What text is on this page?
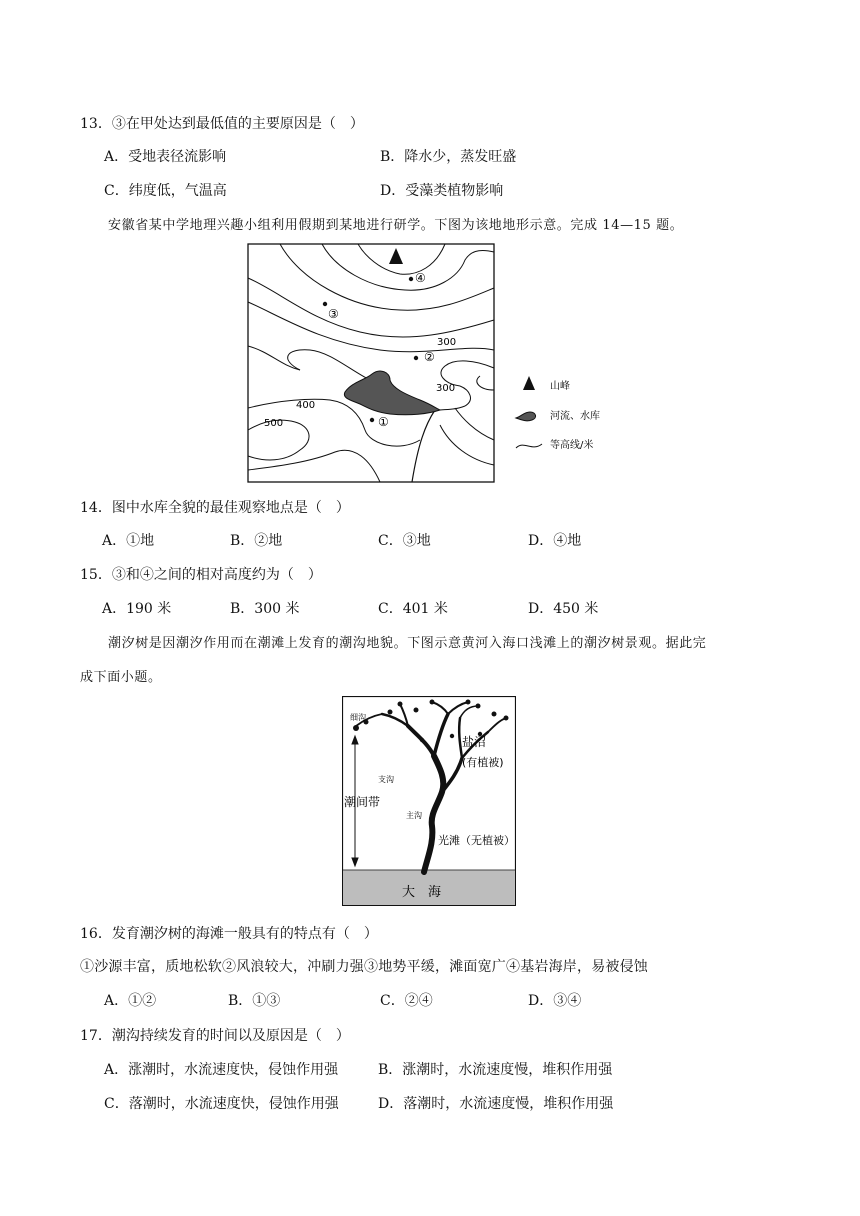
13．③在甲处达到最低值的主要原因是（　）
A．受地表径流影响	B．降水少，蒸发旺盛
C．纬度低，气温高	D．受藻类植物影响
安徽省某中学地理兴趣小组利用假期到某地进行研学。下图为该地地形示意。完成 14—15 题。
④
③
②
①
300
300
400
500
山峰
河流、水库
等高线/米
14．图中水库全貌的最佳观察地点是（　）
A．①地	B．②地	C．③地	D．④地
15．③和④之间的相对高度约为（　）
A．190 米	B．300 米	C．401 米	D．450 米
潮汐树是因潮汐作用而在潮滩上发育的潮沟地貌。下图示意黄河入海口浅滩上的潮汐树景观。据此完
成下面小题。
细沟
盐沼
(有植被)
支沟
潮间带
主沟
光滩（无植被）
大　海
16．发育潮汐树的海滩一般具有的特点有（　）
①沙源丰富，质地松软②风浪较大，冲刷力强③地势平缓，滩面宽广④基岩海岸，易被侵蚀
A．①②	B．①③	C．②④	D．③④
17．潮沟持续发育的时间以及原因是（　）
A．涨潮时，水流速度快，侵蚀作用强	B．涨潮时，水流速度慢，堆积作用强
C．落潮时，水流速度快，侵蚀作用强	D．落潮时，水流速度慢，堆积作用强
